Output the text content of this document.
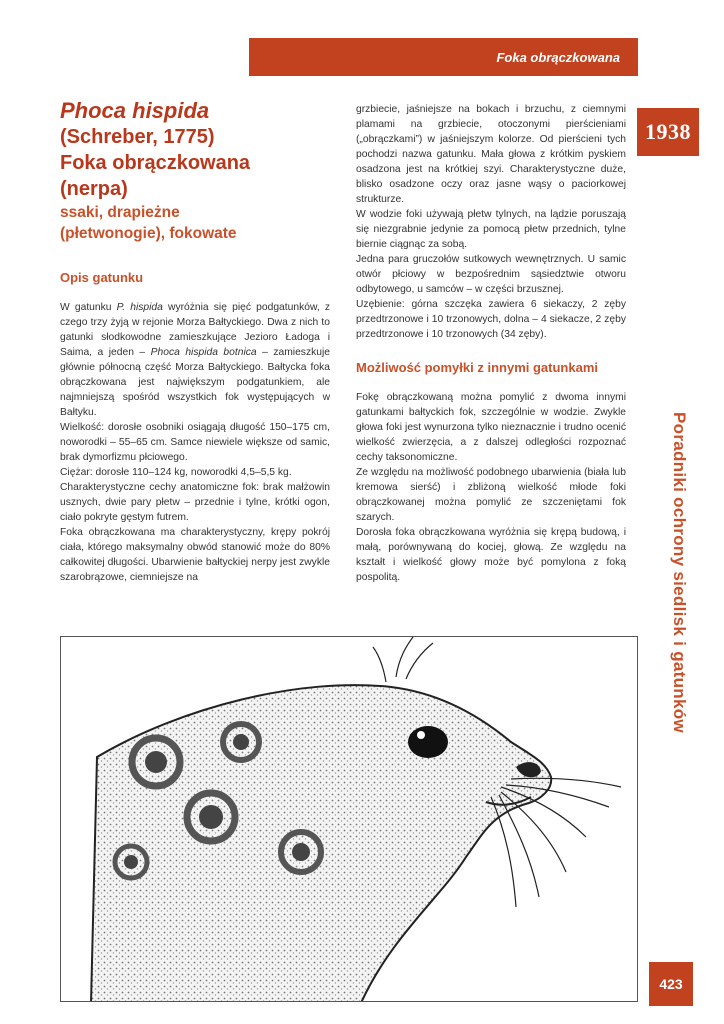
Foka obrączkowana
1938
Poradniki ochrony siedlisk i gatunków

Phoca hispida

(Schreber, 1775)

Foka obrączkowana

(nerpa)

ssaki, drapieżne

(płetwonogie), fokowate

Opis gatunku

W gatunku P. hispida wyróżnia się pięć podgatunków, z czego trzy żyją w rejonie Morza Bałtyckiego. Dwa z nich to gatunki słodkowodne zamieszkujące Jezioro Ładoga i Saima, a jeden – Phoca hispida botnica – zamieszkuje głównie północną część Morza Bałtyckiego. Bałtycka foka obrączkowana jest największym podgatunkiem, ale najmniejszą spośród wszystkich fok występujących w Bałtyku.

Wielkość: dorosłe osobniki osiągają długość 150–175 cm, noworodki – 55–65 cm. Samce niewiele większe od samic, brak dymorfizmu płciowego.

Ciężar: dorosłe 110–124 kg, noworodki 4,5–5,5 kg.

Charakterystyczne cechy anatomiczne fok: brak małżowin usznych, dwie pary płetw – przednie i tylne, krótki ogon, ciało pokryte gęstym futrem.

Foka obrączkowana ma charakterystyczny, krępy pokrój ciała, którego maksymalny obwód stanowić może do 80% całkowitej długości. Ubarwienie bałtyckiej nerpy jest zwykle szarobrązowe, ciemniejsze na

grzbiecie, jaśniejsze na bokach i brzuchu, z ciemnymi plamami na grzbiecie, otoczonymi pierścieniami („obrączkami”) w jaśniejszym kolorze. Od pierścieni tych pochodzi nazwa gatunku. Mała głowa z krótkim pyskiem osadzona jest na krótkiej szyi. Charakterystyczne duże, blisko osadzone oczy oraz jasne wąsy o paciorkowej strukturze.

W wodzie foki używają płetw tylnych, na lądzie poruszają się niezgrabnie jedynie za pomocą płetw przednich, tylne biernie ciągnąc za sobą.

Jedna para gruczołów sutkowych wewnętrznych. U samic otwór płciowy w bezpośrednim sąsiedztwie otworu odbytowego, u samców – w części brzusznej.

Uzębienie: górna szczęka zawiera 6 siekaczy, 2 zęby przedtrzonowe i 10 trzonowych, dolna – 4 siekacze, 2 zęby przedtrzonowe i 10 trzonowych (34 zęby).

Możliwość pomyłki z innymi gatunkami

Fokę obrączkowaną można pomylić z dwoma innymi gatunkami bałtyckich fok, szczególnie w wodzie. Zwykle głowa foki jest wynurzona tylko nieznacznie i trudno ocenić wielkość zwierzęcia, a z dalszej odległości rozpoznać cechy taksonomiczne.

Ze względu na możliwość podobnego ubarwienia (biała lub kremowa sierść) i zbliżoną wielkość młode foki obrączkowanej można pomylić ze szczeniętami fok szarych.

Dorosła foka obrączkowana wyróżnia się krępą budową, i małą, porównywaną do kociej, głową. Ze względu na kształt i wielkość głowy może być pomylona z foką pospolitą.

423
